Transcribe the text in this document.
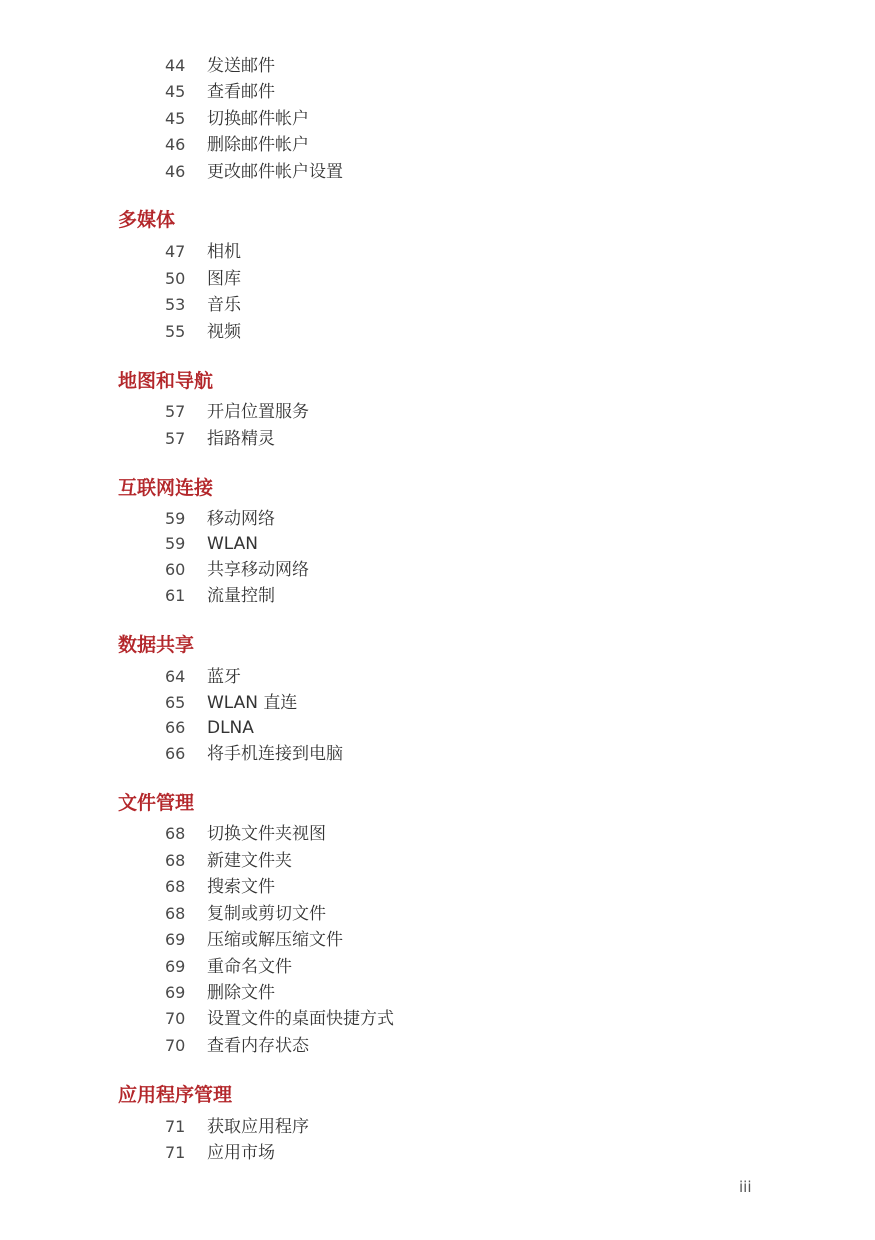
44	发送邮件
45	查看邮件
45	切换邮件帐户
46	删除邮件帐户
46	更改邮件帐户设置
多媒体
47	相机
50	图库
53	音乐
55	视频
地图和导航
57	开启位置服务
57	指路精灵
互联网连接
59	移动网络
59	WLAN
60	共享移动网络
61	流量控制
数据共享
64	蓝牙
65	WLAN 直连
66	DLNA
66	将手机连接到电脑
文件管理
68	切换文件夹视图
68	新建文件夹
68	搜索文件
68	复制或剪切文件
69	压缩或解压缩文件
69	重命名文件
69	删除文件
70	设置文件的桌面快捷方式
70	查看内存状态
应用程序管理
71	获取应用程序
71	应用市场
iii
